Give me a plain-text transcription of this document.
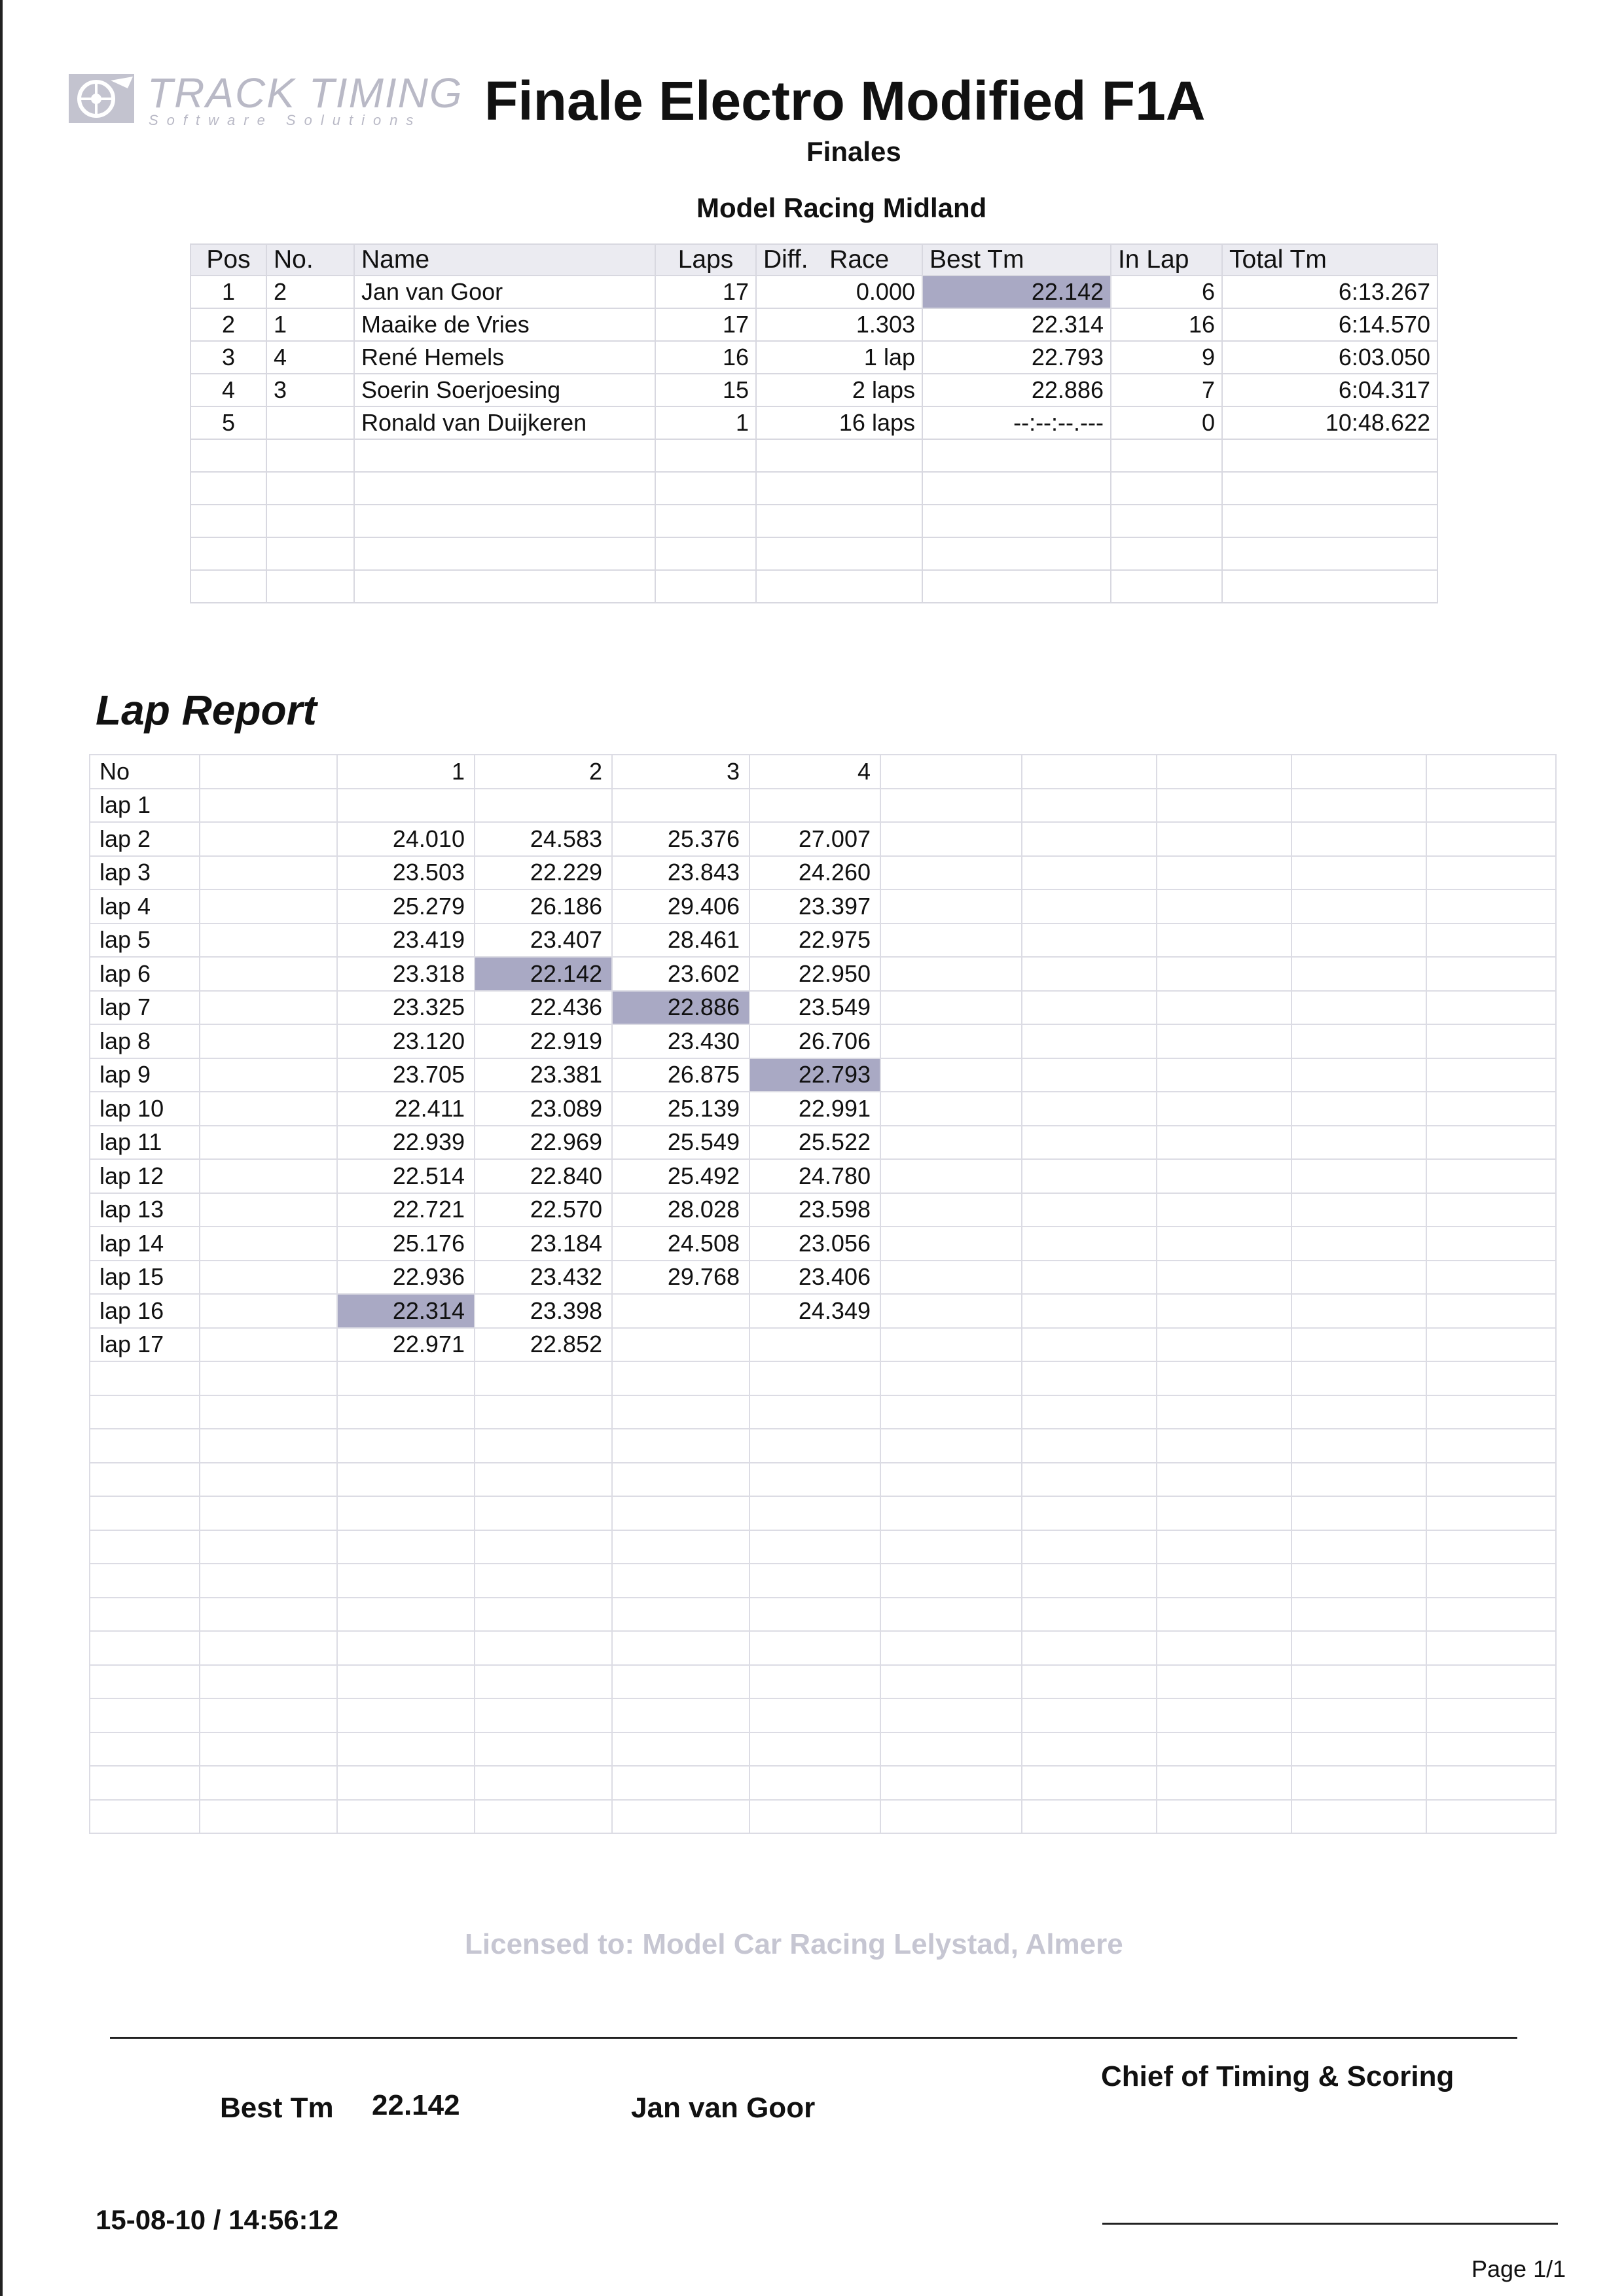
TRACK TIMING
Software Solutions Finale Electro Modified F1A
Finales
Model Racing Midland
Pos	No.	Name	Laps	Diff. Race	Best Tm	In Lap	Total Tm
1	2	Jan van Goor	17	0.000	22.142	6	6:13.267
2	1	Maaike de Vries	17	1.303	22.314	16	6:14.570
3	4	René Hemels	16	1 lap	22.793	9	6:03.050
4	3	Soerin Soerjoesing	15	2 laps	22.886	7	6:04.317
5		Ronald van Duijkeren	1	16 laps	--:--:--.---	0	10:48.622

Lap Report
No		1	2	3	4					
lap 1										
lap 2		24.010	24.583	25.376	27.007					
lap 3		23.503	22.229	23.843	24.260					
lap 4		25.279	26.186	29.406	23.397					
lap 5		23.419	23.407	28.461	22.975					
lap 6		23.318	22.142	23.602	22.950					
lap 7		23.325	22.436	22.886	23.549					
lap 8		23.120	22.919	23.430	26.706					
lap 9		23.705	23.381	26.875	22.793					
lap 10		22.411	23.089	25.139	22.991					
lap 11		22.939	22.969	25.549	25.522					
lap 12		22.514	22.840	25.492	24.780					
lap 13		22.721	22.570	28.028	23.598					
lap 14		25.176	23.184	24.508	23.056					
lap 15		22.936	23.432	29.768	23.406					
lap 16		22.314	23.398		24.349					
lap 17		22.971	22.852							

Licensed to: Model Car Racing Lelystad, Almere
Chief of Timing & Scoring
Best Tm 22.142	Jan van Goor
15-08-10 / 14:56:12
Page 1/1
